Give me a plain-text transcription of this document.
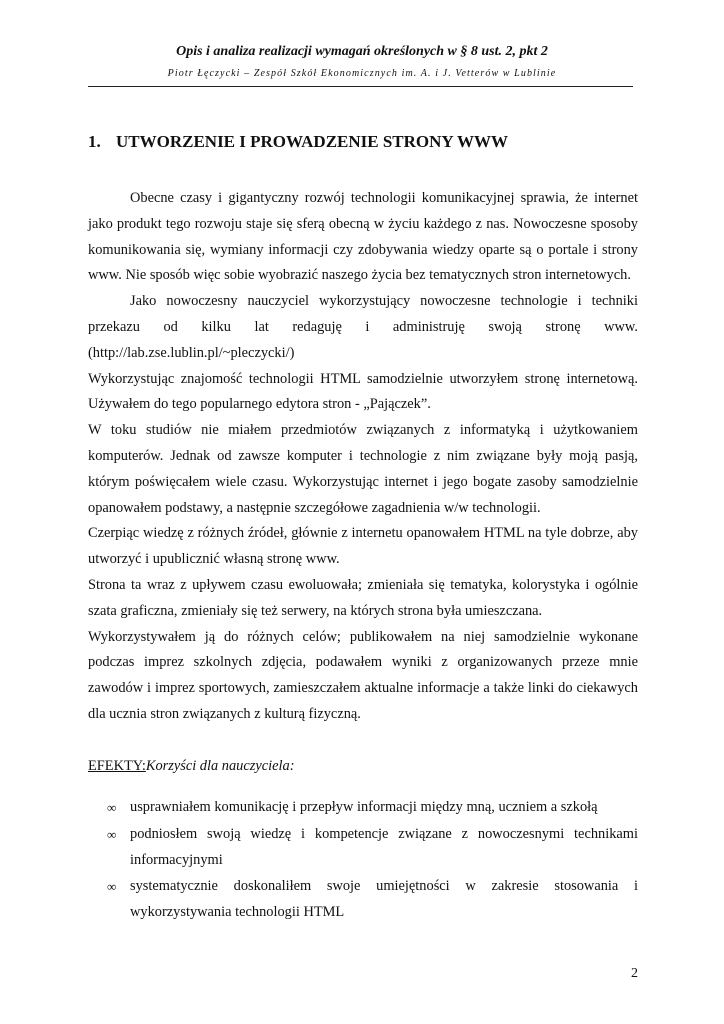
Opis i analiza realizacji wymagań określonych w § 8 ust. 2, pkt 2
Piotr Łęczycki – Zespół Szkół Ekonomicznych im. A. i J. Vetterów w Lublinie
1. UTWORZENIE I PROWADZENIE STRONY WWW

Obecne czasy i gigantyczny rozwój technologii komunikacyjnej sprawia, że internet jako produkt tego rozwoju staje się sferą obecną w życiu każdego z nas. Nowoczesne sposoby komunikowania się, wymiany informacji czy zdobywania wiedzy oparte są o portale i strony www. Nie sposób więc sobie wyobrazić naszego życia bez tematycznych stron internetowych.

Jako nowoczesny nauczyciel wykorzystujący nowoczesne technologie i techniki przekazu od kilku lat redaguję i administruję swoją stronę www. (http://lab.zse.lublin.pl/~pleczycki/)

Wykorzystując znajomość technologii HTML samodzielnie utworzyłem stronę internetową. Używałem do tego popularnego edytora stron - „Pajączek”.

W toku studiów nie miałem przedmiotów związanych z informatyką i użytkowaniem komputerów. Jednak od zawsze komputer i technologie z nim związane były moją pasją, którym poświęcałem wiele czasu. Wykorzystując internet i jego bogate zasoby samodzielnie opanowałem podstawy, a następnie szczegółowe zagadnienia w/w technologii.

Czerpiąc wiedzę z różnych źródeł, głównie z internetu opanowałem HTML na tyle dobrze, aby utworzyć i upublicznić własną stronę www.

Strona ta wraz z upływem czasu ewoluowała; zmieniała się tematyka, kolorystyka i ogólnie szata graficzna, zmieniały się też serwery, na których strona była umieszczana.

Wykorzystywałem ją do różnych celów; publikowałem na niej samodzielnie wykonane podczas imprez szkolnych zdjęcia, podawałem wyniki z organizowanych przeze mnie zawodów i imprez sportowych, zamieszczałem aktualne informacje a także linki do ciekawych dla ucznia stron związanych z kulturą fizyczną.

EFEKTY:Korzyści dla nauczyciela:
∞ usprawniałem komunikację i przepływ informacji między mną, uczniem a szkołą
∞ podniosłem swoją wiedzę i kompetencje związane z nowoczesnymi technikami informacyjnymi
∞ systematycznie doskonaliłem swoje umiejętności w zakresie stosowania i wykorzystywania technologii HTML
2
